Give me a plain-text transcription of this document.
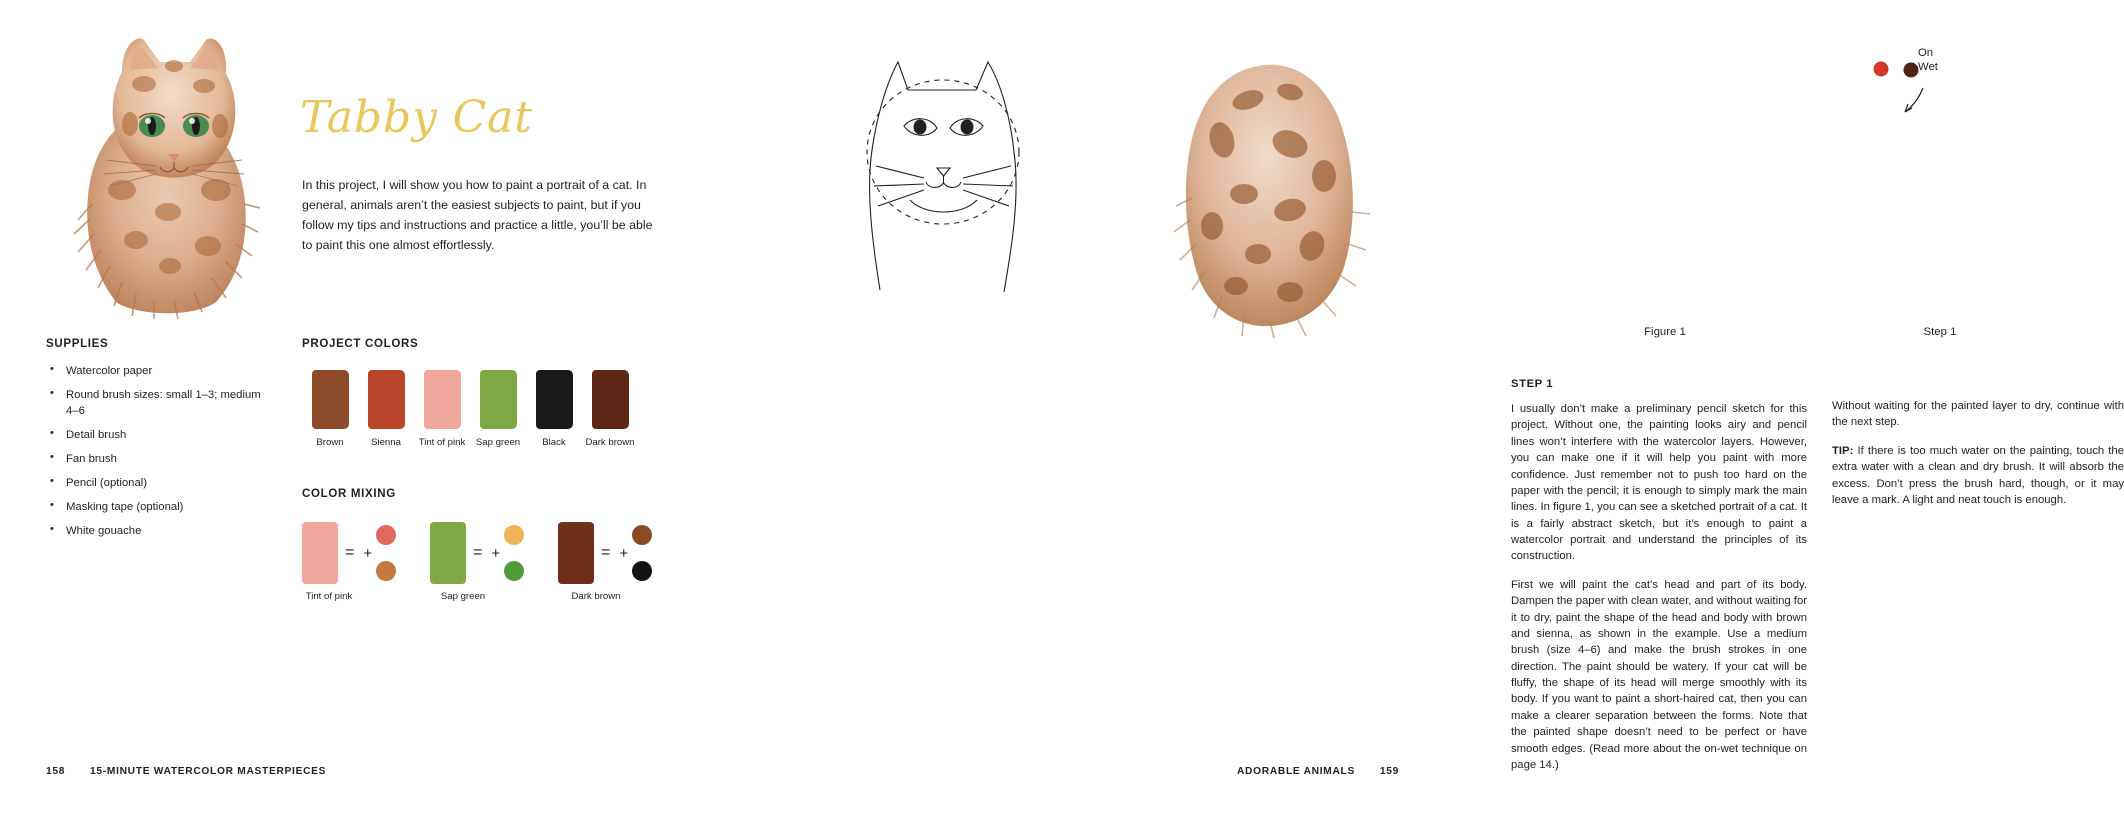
Tabby Cat
In this project, I will show you how to paint a portrait of a cat. In general, animals aren’t the easiest subjects to paint, but if you follow my tips and instructions and practice a little, you’ll be able to paint this one almost effortlessly.
SUPPLIES
• Watercolor paper
• Round brush sizes: small 1–3; medium 4–6
• Detail brush
• Fan brush
• Pencil (optional)
• Masking tape (optional)
• White gouache
PROJECT COLORS
Brown	Sienna	Tint of pink	Sap green	Black	Dark brown
COLOR MIXING
= +
Tint of pink
= +
Sap green
= +
Dark brown
158 15-MINUTE WATERCOLOR MASTERPIECES
Figure 1
On
Wet
Step 1
STEP 1

I usually don’t make a preliminary pencil sketch for this project. Without one, the painting looks airy and pencil lines won’t interfere with the watercolor layers. However, you can make one if it will help you paint with more confidence. Just remember not to push too hard on the paper with the pencil; it is enough to simply mark the main lines. In figure 1, you can see a sketched portrait of a cat. It is a fairly abstract sketch, but it’s enough to paint a watercolor portrait and understand the principles of its construction.

First we will paint the cat’s head and part of its body. Dampen the paper with clean water, and without waiting for it to dry, paint the shape of the head and body with brown and sienna, as shown in the example. Use a medium brush (size 4–6) and make the brush strokes in one direction. The paint should be watery. If your cat will be fluffy, the shape of its head will merge smoothly with its body. If you want to paint a short-haired cat, then you can make a clearer separation between the forms. Note that the painted shape doesn’t need to be perfect or have smooth edges. (Read more about the on-wet technique on page 14.)

Without waiting for the painted layer to dry, continue with the next step.

TIP: If there is too much water on the painting, touch the extra water with a clean and dry brush. It will absorb the excess. Don’t press the brush hard, though, or it may leave a mark. A light and neat touch is enough.

ADORABLE ANIMALS 159
